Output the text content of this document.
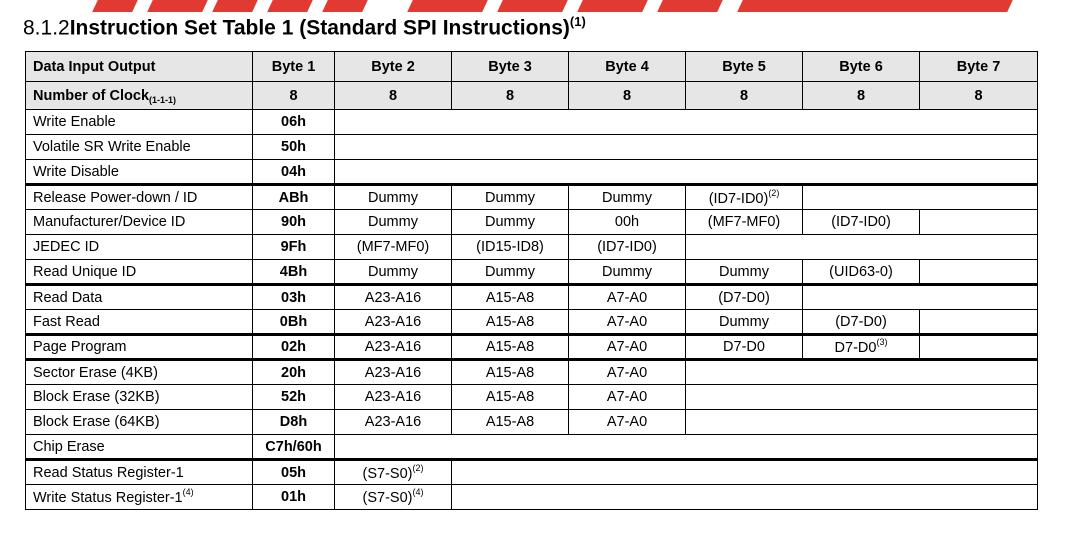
8.1.2Instruction Set Table 1 (Standard SPI Instructions)$^{(1)}$
Data Input Output	Byte 1	Byte 2	Byte 3	Byte 4	Byte 5	Byte 6	Byte 7
Number of Clock$_{(1-1-1)}$	8	8	8	8	8	8	8
Write Enable	06h						
Volatile SR Write Enable	50h						
Write Disable	04h						
Release Power-down / ID	ABh	Dummy	Dummy	Dummy	$(ID7-ID0)^{(2)}$	
Manufacturer/Device ID	90h	Dummy	Dummy	00h	(MF7-MF0)	(ID7-ID0)	
JEDEC ID	9Fh	(MF7-MF0)	(ID15-ID8)	(ID7-ID0)			
Read Unique ID	4Bh	Dummy	Dummy	Dummy	Dummy	(UID63-0)	
Read Data	03h	A23-A16	A15-A8	A7-A0	(D7-D0)		
Fast Read	0Bh	A23-A16	A15-A8	A7-A0	Dummy	(D7-D0)	
Page Program	02h	A23-A16	A15-A8	A7-A0	D7-D0	D7-D0$^{(3)}$	
Sector Erase (4KB)	20h	A23-A16	A15-A8	A7-A0			
Block Erase (32KB)	52h	A23-A16	A15-A8	A7-A0			
Block Erase (64KB)	D8h	A23-A16	A15-A8	A7-A0			
Chip Erase	C7h/60h						
Read Status Register-1	05h	$(S7-S0)^{(2)}$	
Write Status Register-1$^{(4)}$	01h	$(S7-S0)^{(4)}$	
